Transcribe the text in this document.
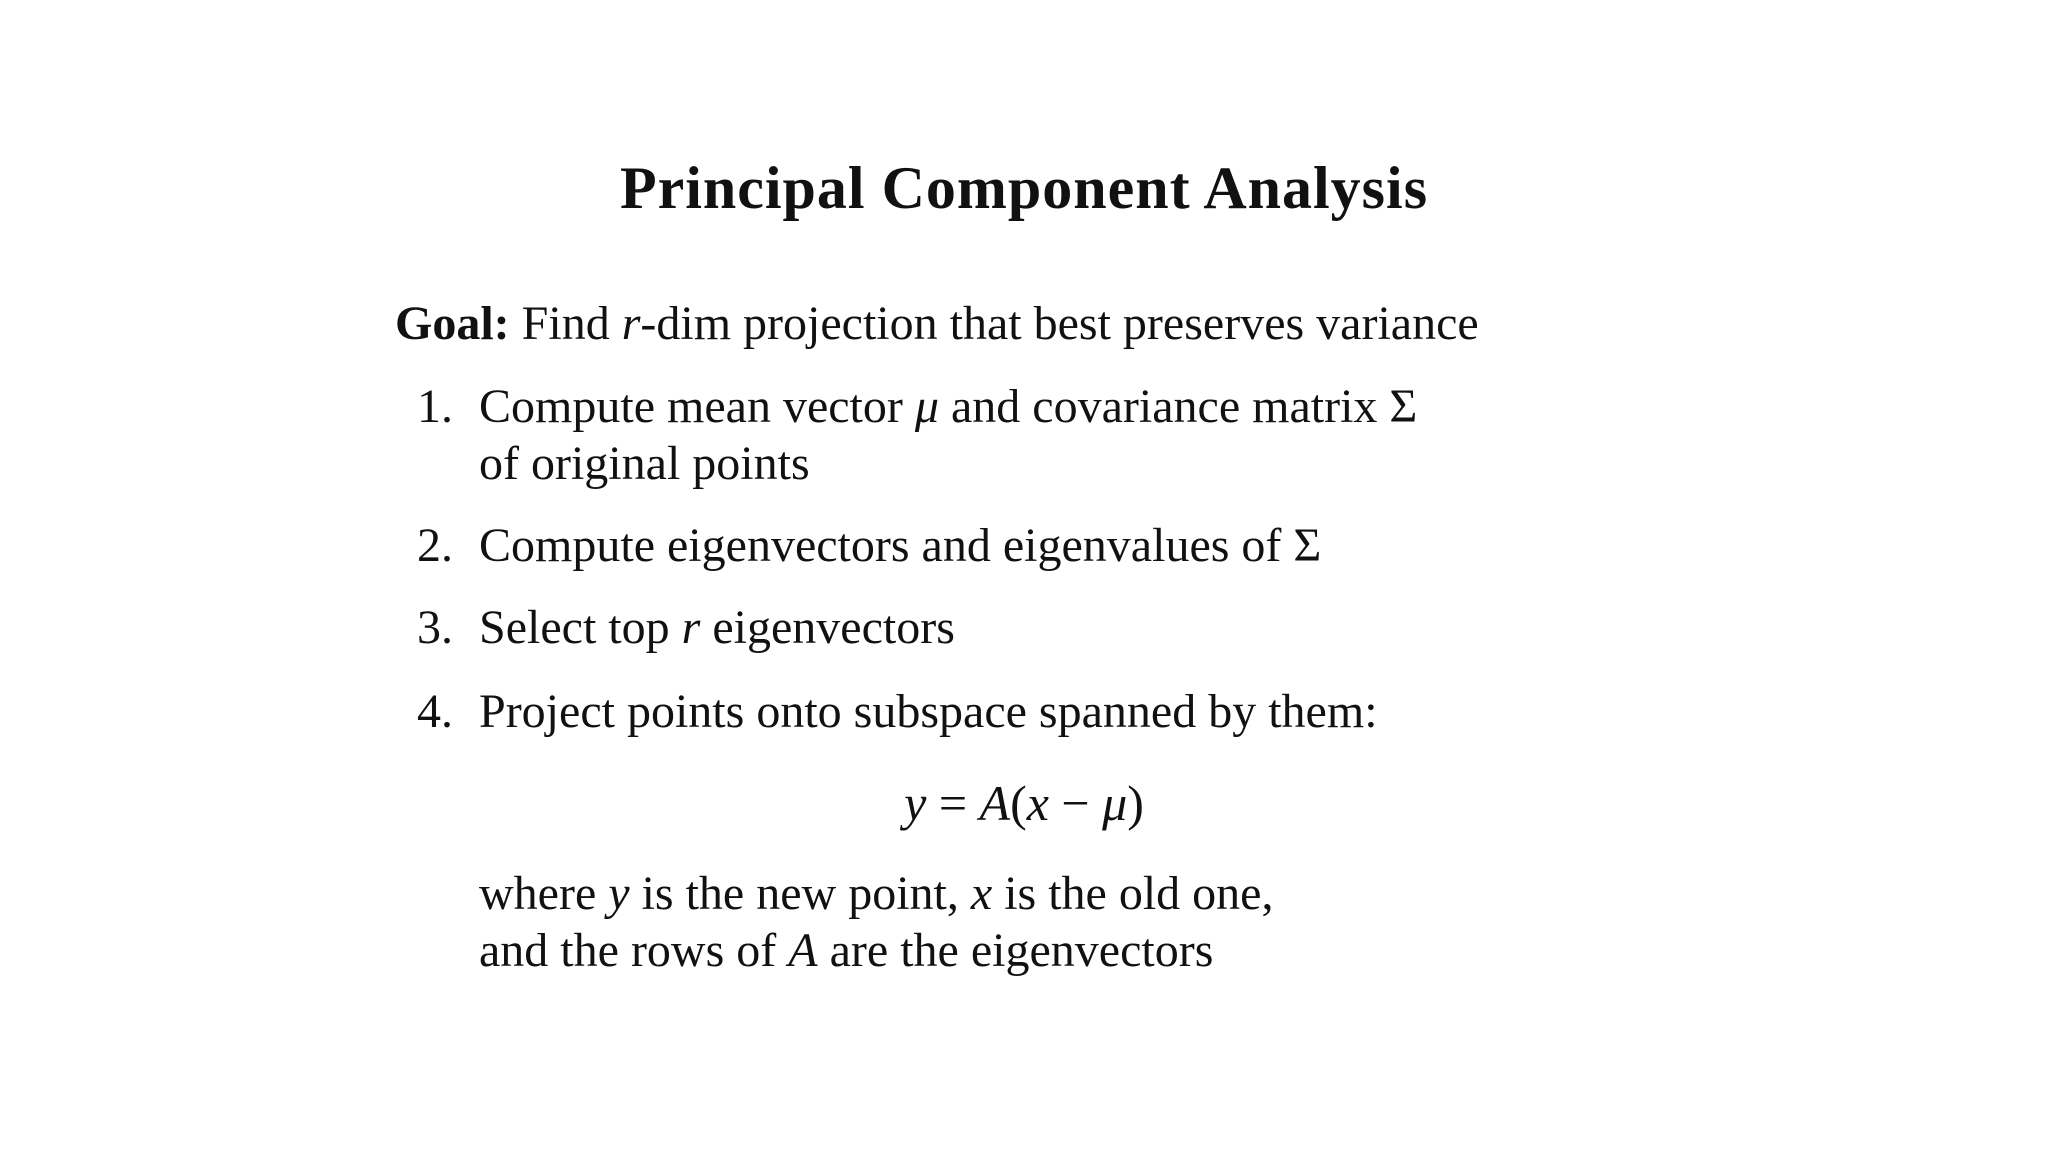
Principal Component Analysis
Goal: Find r-dim projection that best preserves variance
1. Compute mean vector μ and covariance matrix Σ
of original points
2. Compute eigenvectors and eigenvalues of Σ
3. Select top r eigenvectors
4. Project points onto subspace spanned by them:
y = A(x − μ)
where y is the new point, x is the old one,
and the rows of A are the eigenvectors
